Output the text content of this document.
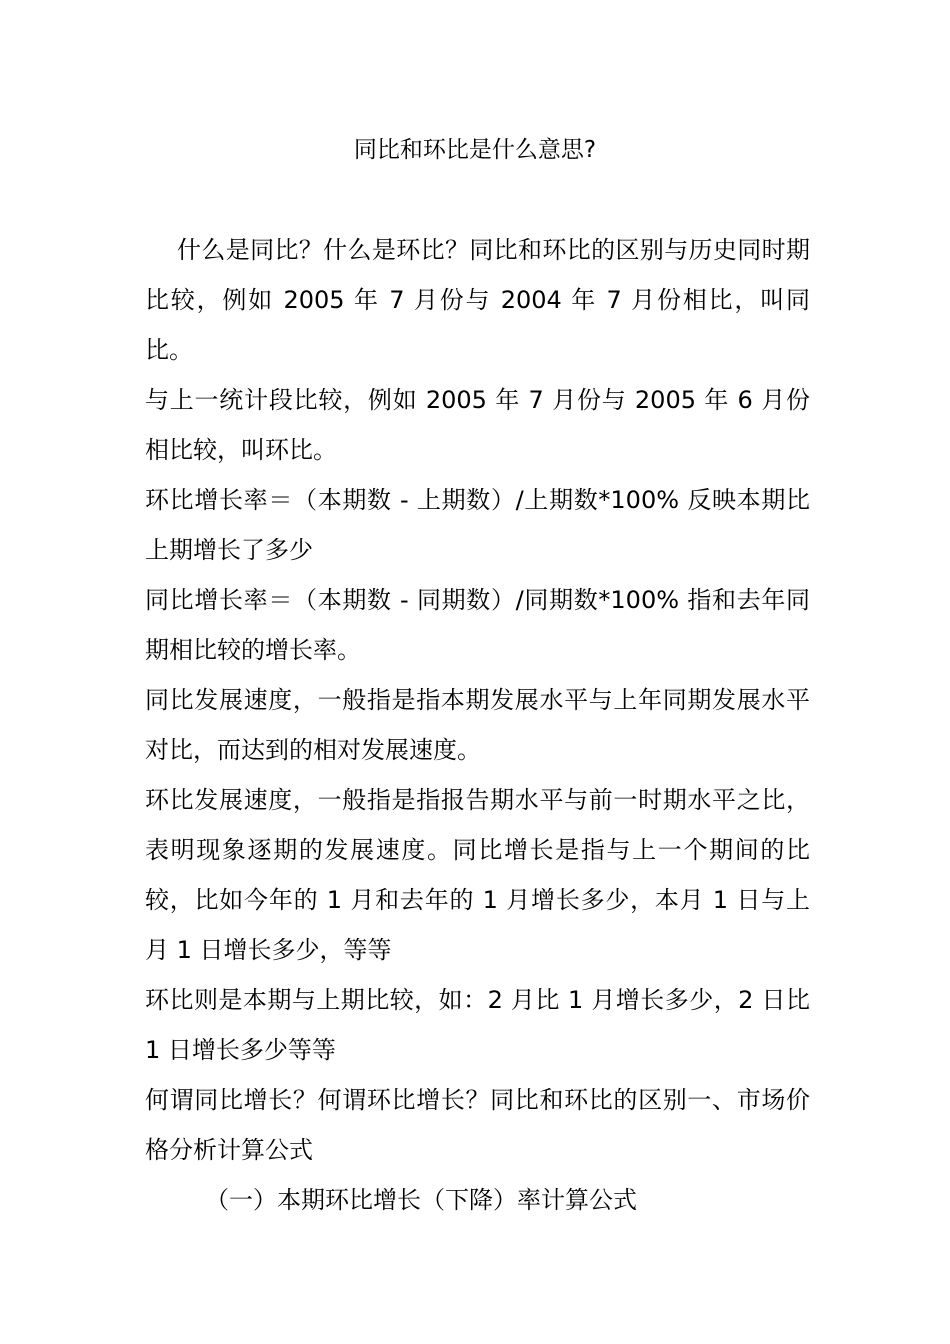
同比和环比是什么意思?

什么是同比？什么是环比？同比和环比的区别与历史同时期比较，例如 2005 年 7 月份与 2004 年 7 月份相比，叫同比。

与上一统计段比较，例如 2005 年 7 月份与 2005 年 6 月份相比较，叫环比。

环比增长率＝（本期数 - 上期数）/上期数*100% 反映本期比上期增长了多少

同比增长率＝（本期数 - 同期数）/同期数*100% 指和去年同期相比较的增长率。

同比发展速度，一般指是指本期发展水平与上年同期发展水平对比，而达到的相对发展速度。

环比发展速度，一般指是指报告期水平与前一时期水平之比，表明现象逐期的发展速度。同比增长是指与上一个期间的比较，比如今年的 1 月和去年的 1 月增长多少，本月 1 日与上月 1 日增长多少，等等

环比则是本期与上期比较，如：2 月比 1 月增长多少，2 日比 1 日增长多少等等

何谓同比增长？何谓环比增长？同比和环比的区别一、市场价格分析计算公式

（一）本期环比增长（下降）率计算公式
